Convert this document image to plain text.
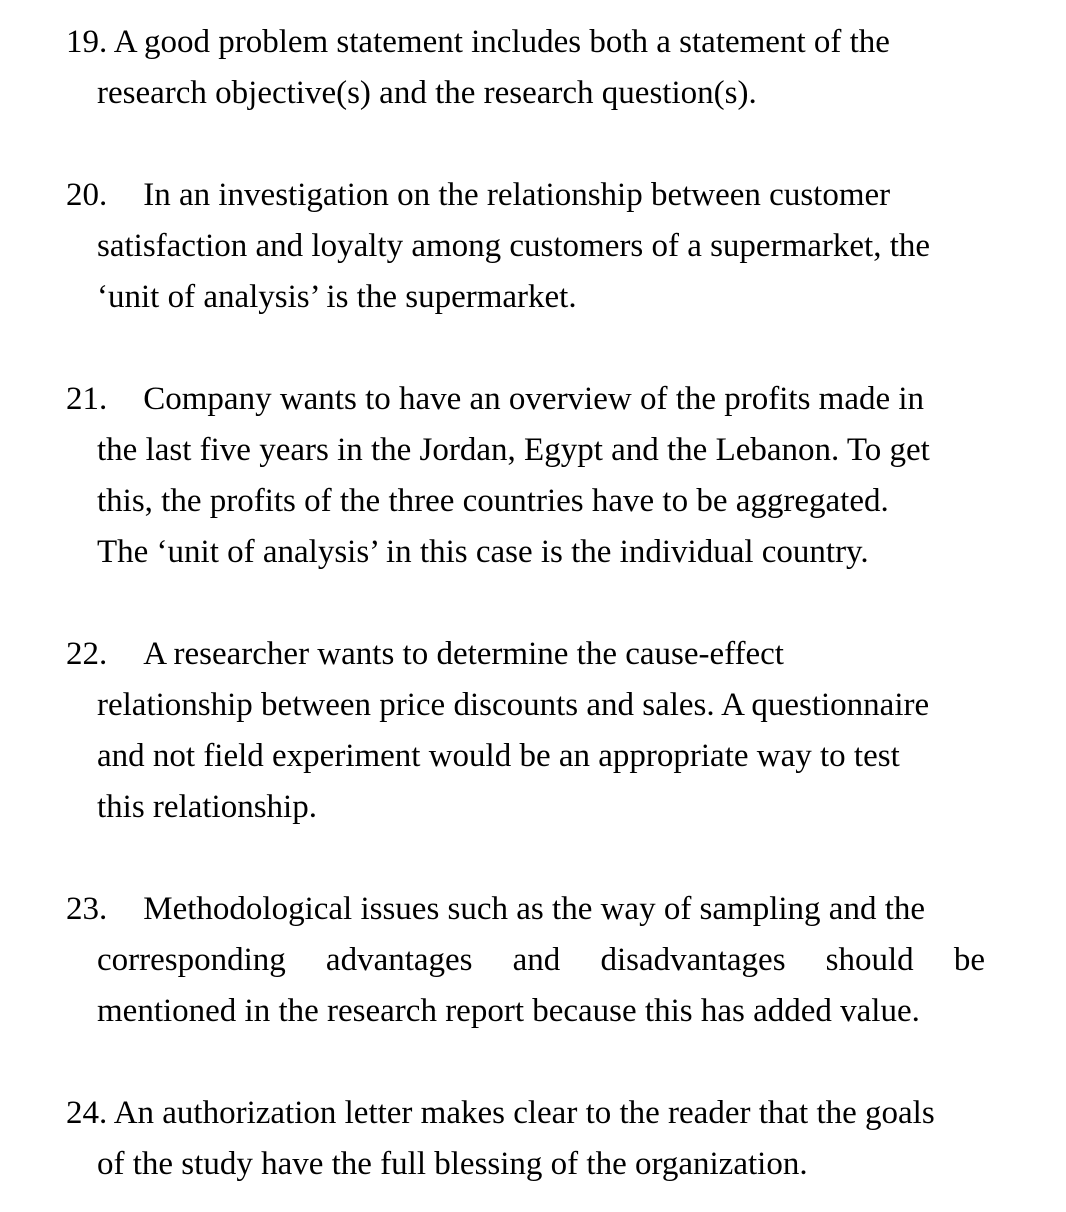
19. A good problem statement includes both a statement of the
research objective(s) and the research question(s).
20. In an investigation on the relationship between customer
satisfaction and loyalty among customers of a supermarket, the
‘unit of analysis’ is the supermarket.
21. Company wants to have an overview of the profits made in
the last five years in the Jordan, Egypt and the Lebanon. To get
this, the profits of the three countries have to be aggregated.
The ‘unit of analysis’ in this case is the individual country.
22. A researcher wants to determine the cause-effect
relationship between price discounts and sales. A questionnaire
and not field experiment would be an appropriate way to test
this relationship.
23. Methodological issues such as the way of sampling and the
corresponding advantages and disadvantages should be
mentioned in the research report because this has added value.
24. An authorization letter makes clear to the reader that the goals
of the study have the full blessing of the organization.
